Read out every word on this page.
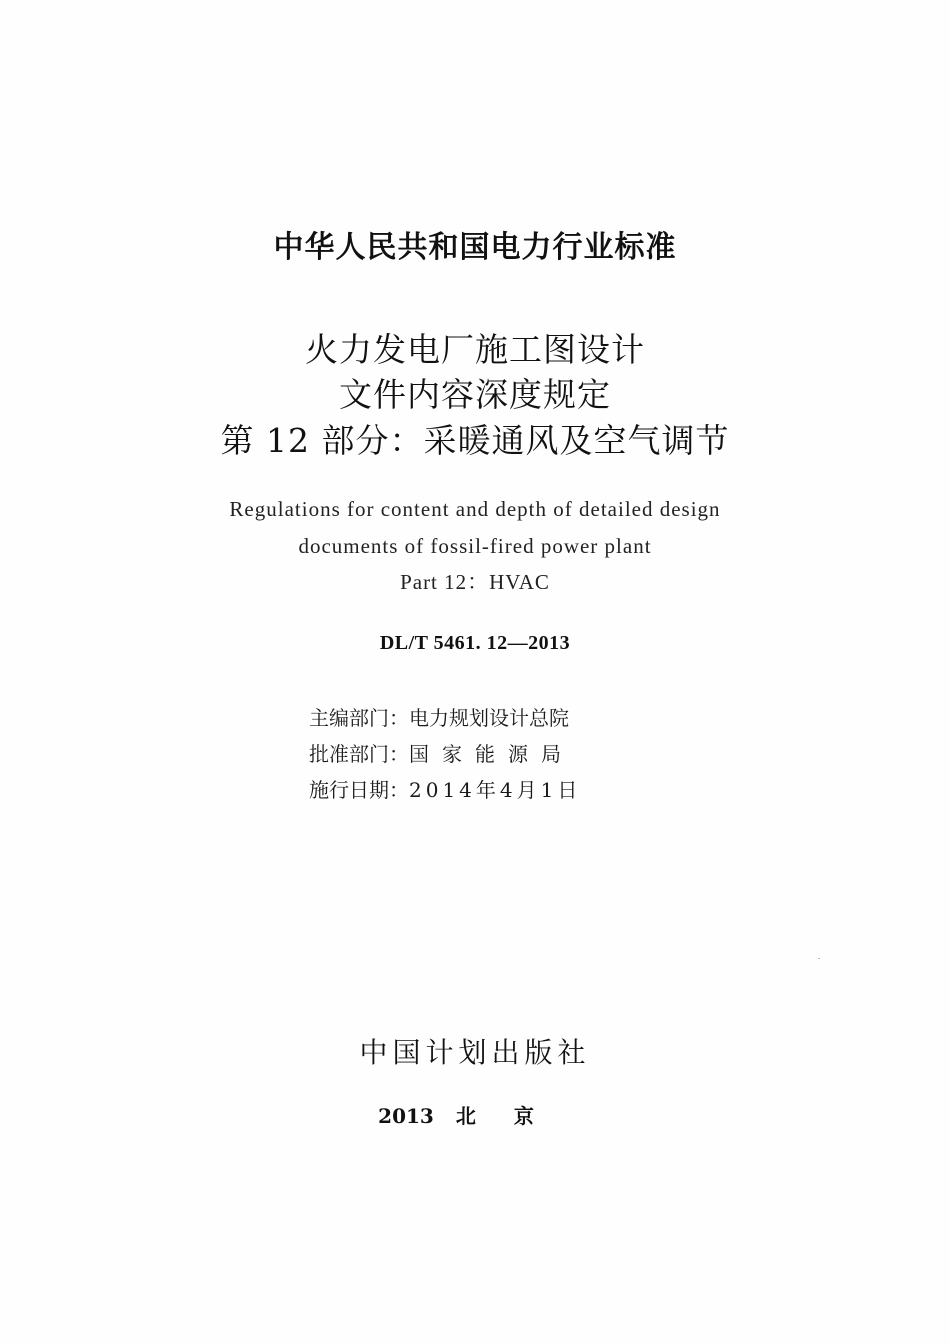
中华人民共和国电力行业标准
火力发电厂施工图设计
文件内容深度规定
第 12 部分：采暖通风及空气调节
Regulations for content and depth of detailed design
documents of fossil-fired power plant
Part 12：HVAC
DL/T 5461. 12—2013
主编部门：电力规划设计总院
批准部门：国家能源局
施行日期：2014年4月1日
中国计划出版社
2013 北京
